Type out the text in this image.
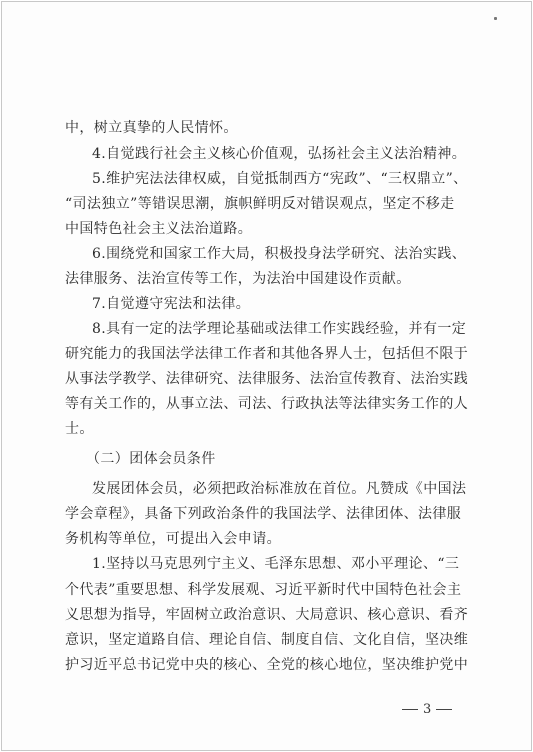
中，树立真挚的人民情怀。
4.自觉践行社会主义核心价值观，弘扬社会主义法治精神。
5.维护宪法法律权威，自觉抵制西方“宪政”、“三权鼎立”、
“司法独立”等错误思潮，旗帜鲜明反对错误观点，坚定不移走
中国特色社会主义法治道路。
6.围绕党和国家工作大局，积极投身法学研究、法治实践、
法律服务、法治宣传等工作，为法治中国建设作贡献。
7.自觉遵守宪法和法律。
8.具有一定的法学理论基础或法律工作实践经验，并有一定
研究能力的我国法学法律工作者和其他各界人士，包括但不限于
从事法学教学、法律研究、法律服务、法治宣传教育、法治实践
等有关工作的，从事立法、司法、行政执法等法律实务工作的人
士。
（二）团体会员条件
发展团体会员，必须把政治标准放在首位。凡赞成《中国法
学会章程》，具备下列政治条件的我国法学、法律团体、法律服
务机构等单位，可提出入会申请。
1.坚持以马克思列宁主义、毛泽东思想、邓小平理论、“三
个代表”重要思想、科学发展观、习近平新时代中国特色社会主
义思想为指导，牢固树立政治意识、大局意识、核心意识、看齐
意识，坚定道路自信、理论自信、制度自信、文化自信，坚决维
护习近平总书记党中央的核心、全党的核心地位，坚决维护党中
3
